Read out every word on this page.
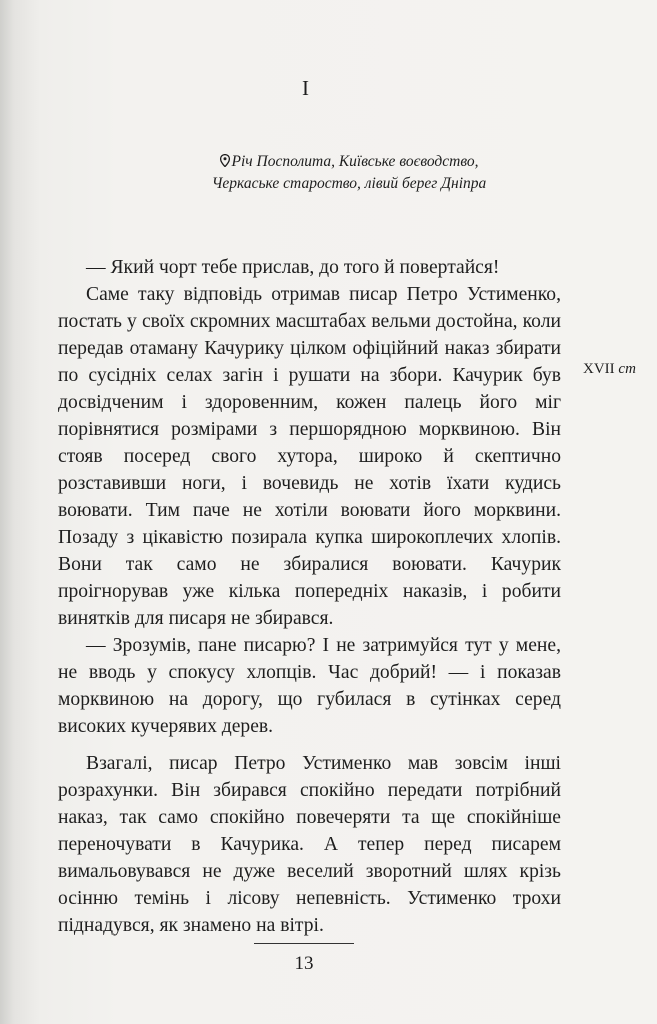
I
Річ Посполита, Київське воєводство,
Черкаське староство, лівий берег Дніпра

— Який чорт тебе прислав, до того й повертайся!

Саме таку відповідь отримав писар Петро Устименко, постать у своїх скромних масштабах вельми достойна, коли передав отаману Качурику цілком офіційний наказ збирати по сусідніх селах загін і рушати на збори. Качурик був досвідченим і здоровенним, кожен палець його міг порівнятися розмірами з першорядною морквиною. Він стояв посеред свого хутора, широко й скептично розставивши ноги, і вочевидь не хотів їхати кудись воювати. Тим паче не хотіли воювати його морквини. Позаду з цікавістю позирала купка широкоплечих хлопів. Вони так само не збиралися воювати. Качурик проігнорував уже кілька попередніх наказів, і робити винятків для писаря не збирався.

— Зрозумів, пане писарю? І не затримуйся тут у мене, не вводь у спокусу хлопців. Час добрий! — і показав морквиною на дорогу, що губилася в сутінках серед високих кучерявих дерев.

Взагалі, писар Петро Устименко мав зовсім інші розрахунки. Він збирався спокійно передати потрібний наказ, так само спокійно повечеряти та ще спокійніше переночувати в Качурика. А тепер перед писарем вимальовувався не дуже веселий зворотний шлях крізь осінню темінь і лісову непевність. Устименко трохи піднадувся, як знамено на вітрі.

XVII ст
13
